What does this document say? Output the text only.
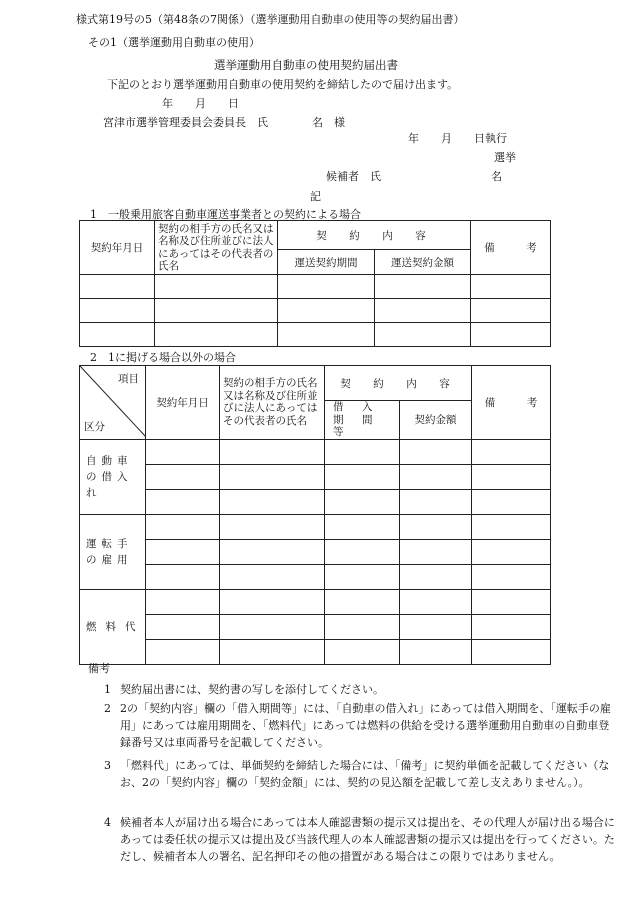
様式第19号の5（第48条の7関係）（選挙運動用自動車の使用等の契約届出書）
その1（選挙運動用自動車の使用）
選挙運動用自動車の使用契約届出書
下記のとおり選挙運動用自動車の使用契約を締結したので届け出ます。
年　　月　　日
宮津市選挙管理委員会委員長　氏　　　　名　様
年　　月　　日執行
選挙
候補者　氏　　　　　　　　　　名
記
1　一般乗用旅客自動車運送事業者との契約による場合
契約年月日	契約の相手方の氏名又は名称及び住所並びに法人にあってはその代表者の氏名	契　約　内　容		備　　　考
		運送契約期間	運送契約金額	

2　1に掲げる場合以外の場合
項目
区分	契約年月日	契約の相手方の氏名又は名称及び住所並びに法人にあってはその代表者の氏名	契　約　内　容		備　　　考
			借　入　期　間　等	契約金額	
自動車の借入れ					

運転手の雇用					

燃料代					

備考
1 契約届出書には、契約書の写しを添付してください。
2 2の「契約内容」欄の「借入期間等」には、「自動車の借入れ」にあっては借入期間を、「運転手の雇用」にあっては雇用期間を、「燃料代」にあっては燃料の供給を受ける選挙運動用自動車の自動車登録番号又は車両番号を記載してください。
3 「燃料代」にあっては、単価契約を締結した場合には、「備考」に契約単価を記載してください（なお、2の「契約内容」欄の「契約金額」には、契約の見込額を記載して差し支えありません。）。
4 候補者本人が届け出る場合にあっては本人確認書類の提示又は提出を、その代理人が届け出る場合にあっては委任状の提示又は提出及び当該代理人の本人確認書類の提示又は提出を行ってください。ただし、候補者本人の署名、記名押印その他の措置がある場合はこの限りではありません。
